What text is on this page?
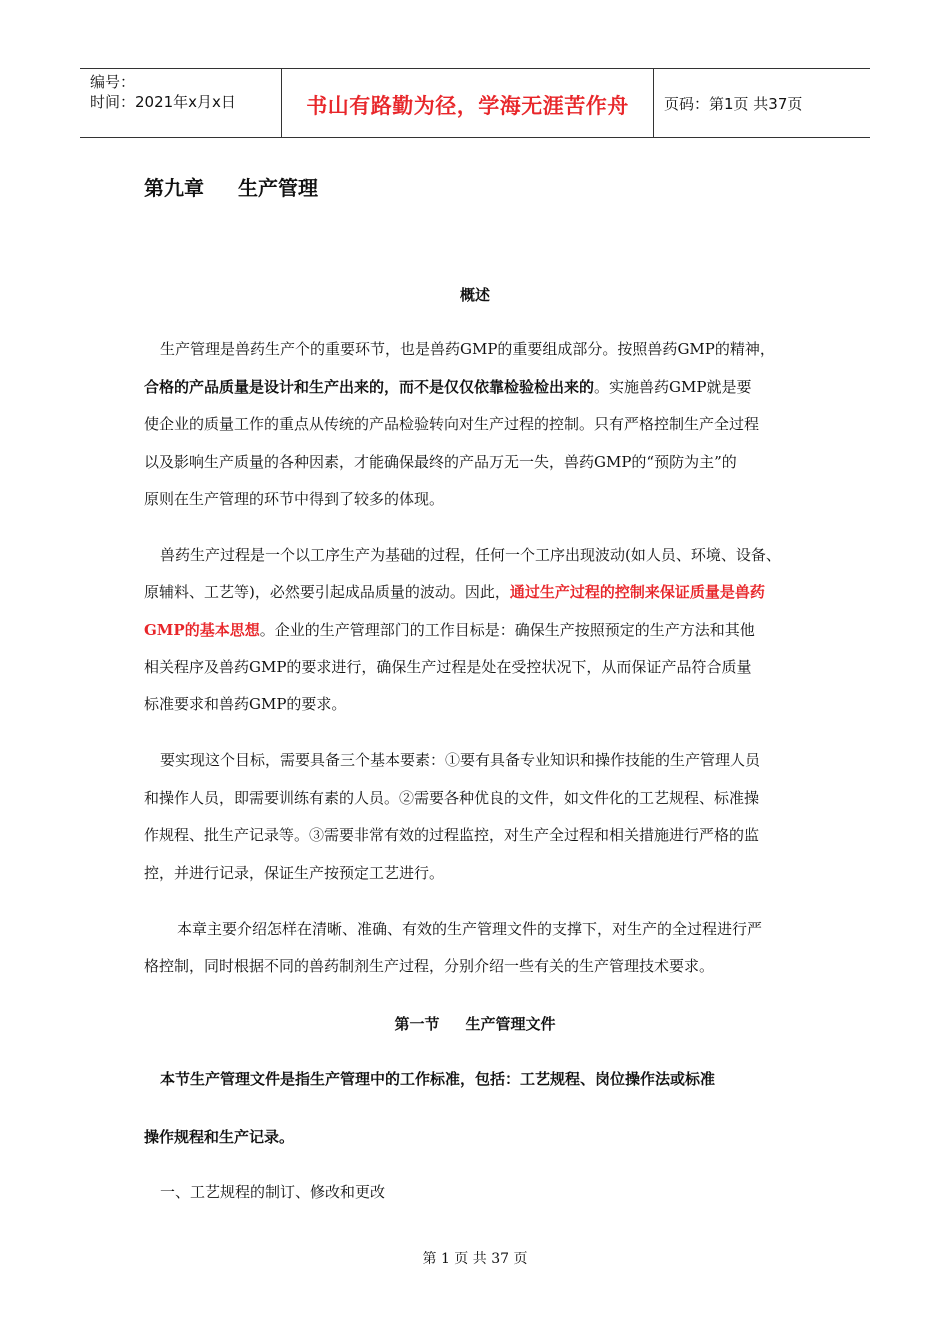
编号：
时间：2021年x月x日	书山有路勤为径，学海无涯苦作舟	页码：第1页 共37页
第九章 生产管理
概述
生产管理是兽药生产个的重要环节，也是兽药GMP的重要组成部分。按照兽药GMP的精神，
合格的产品质量是设计和生产出来的，而不是仅仅依靠检验检出来的。实施兽药GMP就是要
使企业的质量工作的重点从传统的产品检验转向对生产过程的控制。只有严格控制生产全过程
以及影响生产质量的各种因素，才能确保最终的产品万无一失，兽药GMP的“预防为主”的
原则在生产管理的环节中得到了较多的体现。
兽药生产过程是一个以工序生产为基础的过程，任何一个工序出现波动(如人员、环境、设备、
原辅料、工艺等)，必然要引起成品质量的波动。因此，通过生产过程的控制来保证质量是兽药
GMP的基本思想。企业的生产管理部门的工作目标是：确保生产按照预定的生产方法和其他
相关程序及兽药GMP的要求进行，确保生产过程是处在受控状况下，从而保证产品符合质量
标准要求和兽药GMP的要求。
要实现这个目标，需要具备三个基本要素：①要有具备专业知识和操作技能的生产管理人员
和操作人员，即需要训练有素的人员。②需要各种优良的文件，如文件化的工艺规程、标准操
作规程、批生产记录等。③需要非常有效的过程监控，对生产全过程和相关措施进行严格的监
控，并进行记录，保证生产按预定工艺进行。
本章主要介绍怎样在清晰、准确、有效的生产管理文件的支撑下，对生产的全过程进行严
格控制，同时根据不同的兽药制剂生产过程，分别介绍一些有关的生产管理技术要求。
第一节 生产管理文件
本节生产管理文件是指生产管理中的工作标准，包括：工艺规程、岗位操作法或标准
操作规程和生产记录。
一、工艺规程的制订、修改和更改
第 1 页 共 37 页
